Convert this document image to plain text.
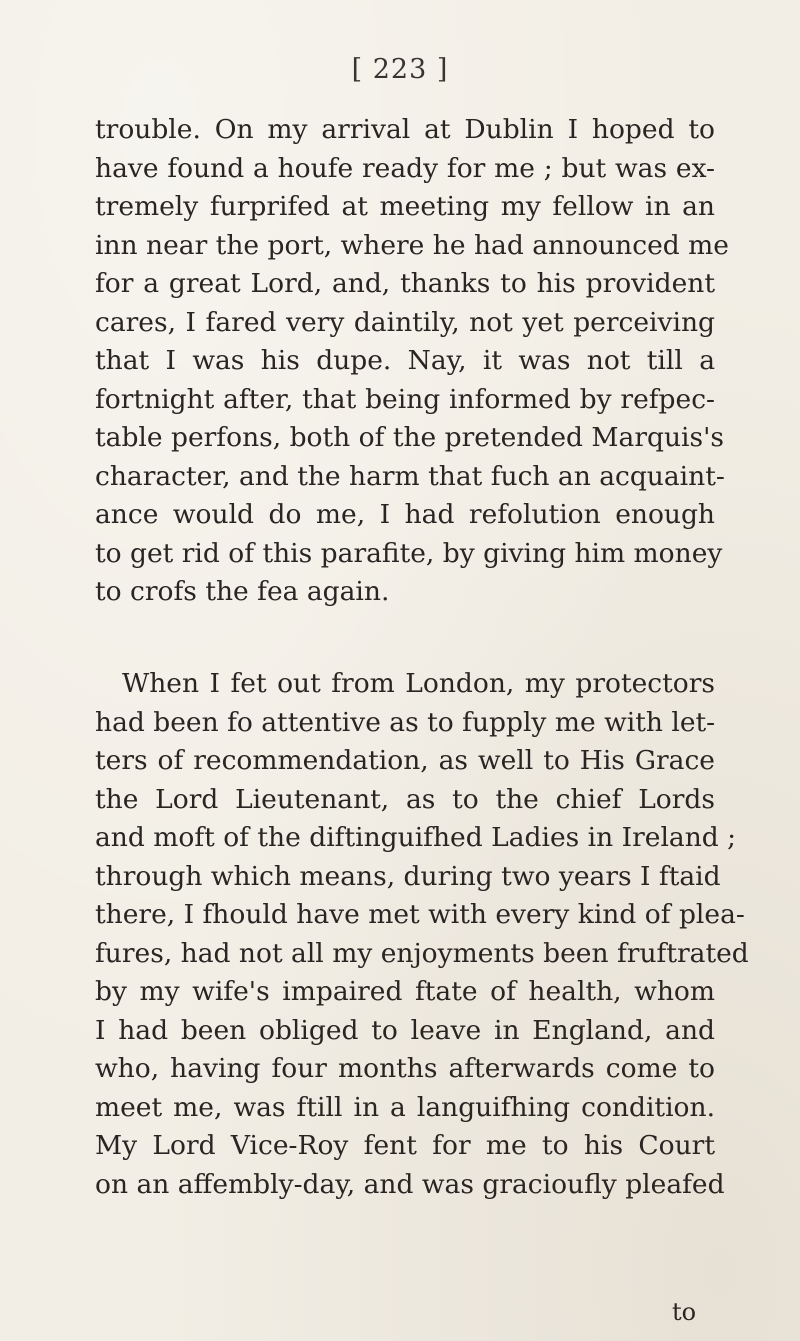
[ 223 ]
trouble. On my arrival at Dublin I hoped to
have found a houfe ready for me ; but was ex-
tremely furprifed at meeting my fellow in an
inn near the port, where he had announced me
for a great Lord, and, thanks to his provident
cares, I fared very daintily, not yet perceiving
that I was his dupe. Nay, it was not till a
fortnight after, that being informed by refpec-
table perfons, both of the pretended Marquis's
character, and the harm that fuch an acquaint-
ance would do me, I had refolution enough
to get rid of this parafite, by giving him money
to crofs the fea again.
When I fet out from London, my protectors
had been fo attentive as to fupply me with let-
ters of recommendation, as well to His Grace
the Lord Lieutenant, as to the chief Lords
and moft of the diftinguifhed Ladies in Ireland ;
through which means, during two years I ftaid
there, I fhould have met with every kind of plea-
fures, had not all my enjoyments been fruftrated
by my wife's impaired ftate of health, whom
I had been obliged to leave in England, and
who, having four months afterwards come to
meet me, was ftill in a languifhing condition.
My Lord Vice-Roy fent for me to his Court
on an affembly-day, and was gracioufly pleafed
to
